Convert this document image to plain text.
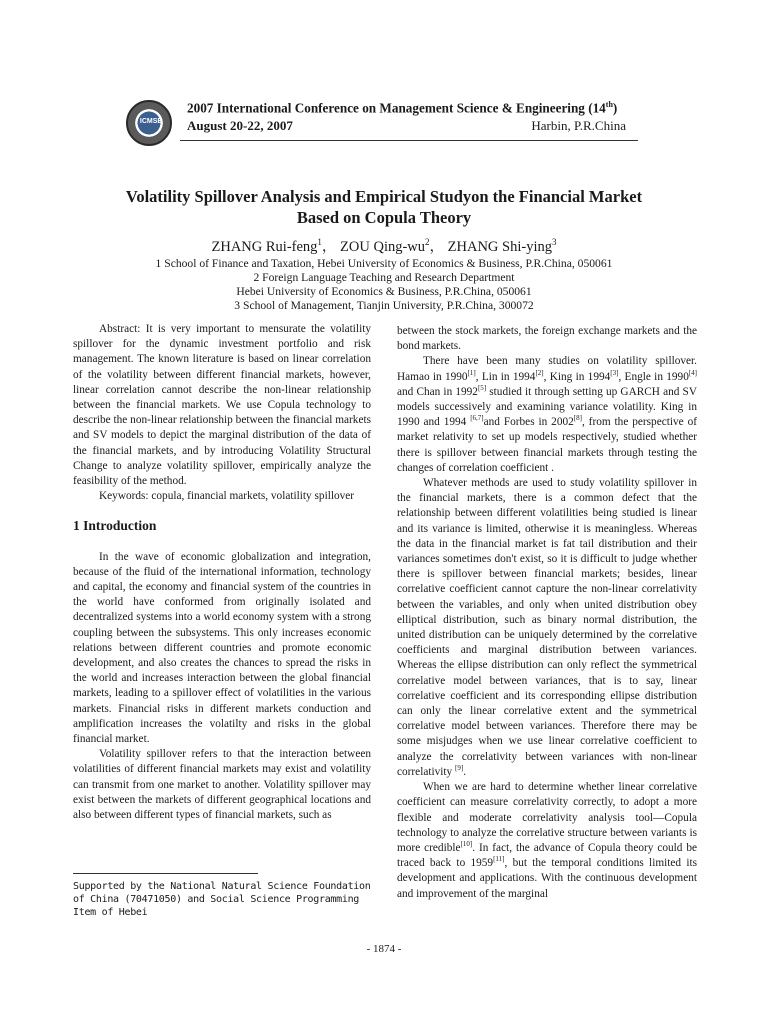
ICMSE
2007 International Conference on Management Science & Engineering (14th)
August 20-22, 2007	Harbin, P.R.China
Volatility Spillover Analysis and Empirical Studyon the Financial Market
Based on Copula Theory
ZHANG Rui-feng$^1$， ZOU Qing-$wu^2$， ZHANG Shi-ying$^3$
1 School of Finance and Taxation, Hebei University of Economics & Business, P.R.China, 050061
2 Foreign Language Teaching and Research Department
Hebei University of Economics & Business, P.R.China, 050061
3 School of Management, Tianjin University, P.R.China, 300072

Abstract: It is very important to mensurate the volatility spillover for the dynamic investment portfolio and risk management. The known literature is based on linear correlation of the volatility between different financial markets, however, linear correlation cannot describe the non-linear relationship between the financial markets. We use Copula technology to describe the non-linear relationship between the financial markets and SV models to depict the marginal distribution of the data of the financial markets, and by introducing Volatility Structural Change to analyze volatility spillover, empirically analyze the feasibility of the method.

Keywords: copula, financial markets, volatility spillover

1 Introduction

In the wave of economic globalization and integration, because of the fluid of the international information, technology and capital, the economy and financial system of the countries in the world have conformed from originally isolated and decentralized systems into a world economy system with a strong coupling between the subsystems. This only increases economic relations between different countries and promote economic development, and also creates the chances to spread the risks in the world and increases interaction between the global financial markets, leading to a spillover effect of volatilities in the various markets. Financial risks in different markets conduction and amplification increases the volatilty and risks in the global financial market.

Volatility spillover refers to that the interaction between volatilities of different financial markets may exist and volatility can transmit from one market to another. Volatility spillover may exist between the markets of different geographical locations and also between different types of financial markets, such as

between the stock markets, the foreign exchange markets and the bond markets.

There have been many studies on volatility spillover. Hamao in 1990[1], Lin in 1994[2], King in 1994[3], Engle in 1990[4] and Chan in 1992[5] studied it through setting up GARCH and SV models successively and examining variance volatility. King in 1990 and 1994 [6,7]and Forbes in 2002[8], from the perspective of market relativity to set up models respectively, studied whether there is spillover between financial markets through testing the changes of correlation coefficient .

Whatever methods are used to study volatility spillover in the financial markets, there is a common defect that the relationship between different volatilities being studied is linear and its variance is limited, otherwise it is meaningless. Whereas the data in the financial market is fat tail distribution and their variances sometimes don't exist, so it is difficult to judge whether there is spillover between financial markets; besides, linear correlative coefficient cannot capture the non-linear correlativity between the variables, and only when united distribution obey elliptical distribution, such as binary normal distribution, the united distribution can be uniquely determined by the correlative coefficients and marginal distribution between variances. Whereas the ellipse distribution can only reflect the symmetrical correlative model between variances, that is to say, linear correlative coefficient and its corresponding ellipse distribution can only the linear correlative extent and the symmetrical correlative model between variances. Therefore there may be some misjudges when we use linear correlative coefficient to analyze the correlativity between variances with non-linear correlativity [9].

When we are hard to determine whether linear correlative coefficient can measure correlativity correctly, to adopt a more flexible and moderate correlativity analysis tool—Copula technology to analyze the correlative structure between variants is more credible[10]. In fact, the advance of Copula theory could be traced back to 1959[11], but the temporal conditions limited its development and applications. With the continuous development and improvement of the marginal

Supported by the National Natural Science Foundation of China (70471050) and Social Science Programming Item of Hebei
- 1874 -
